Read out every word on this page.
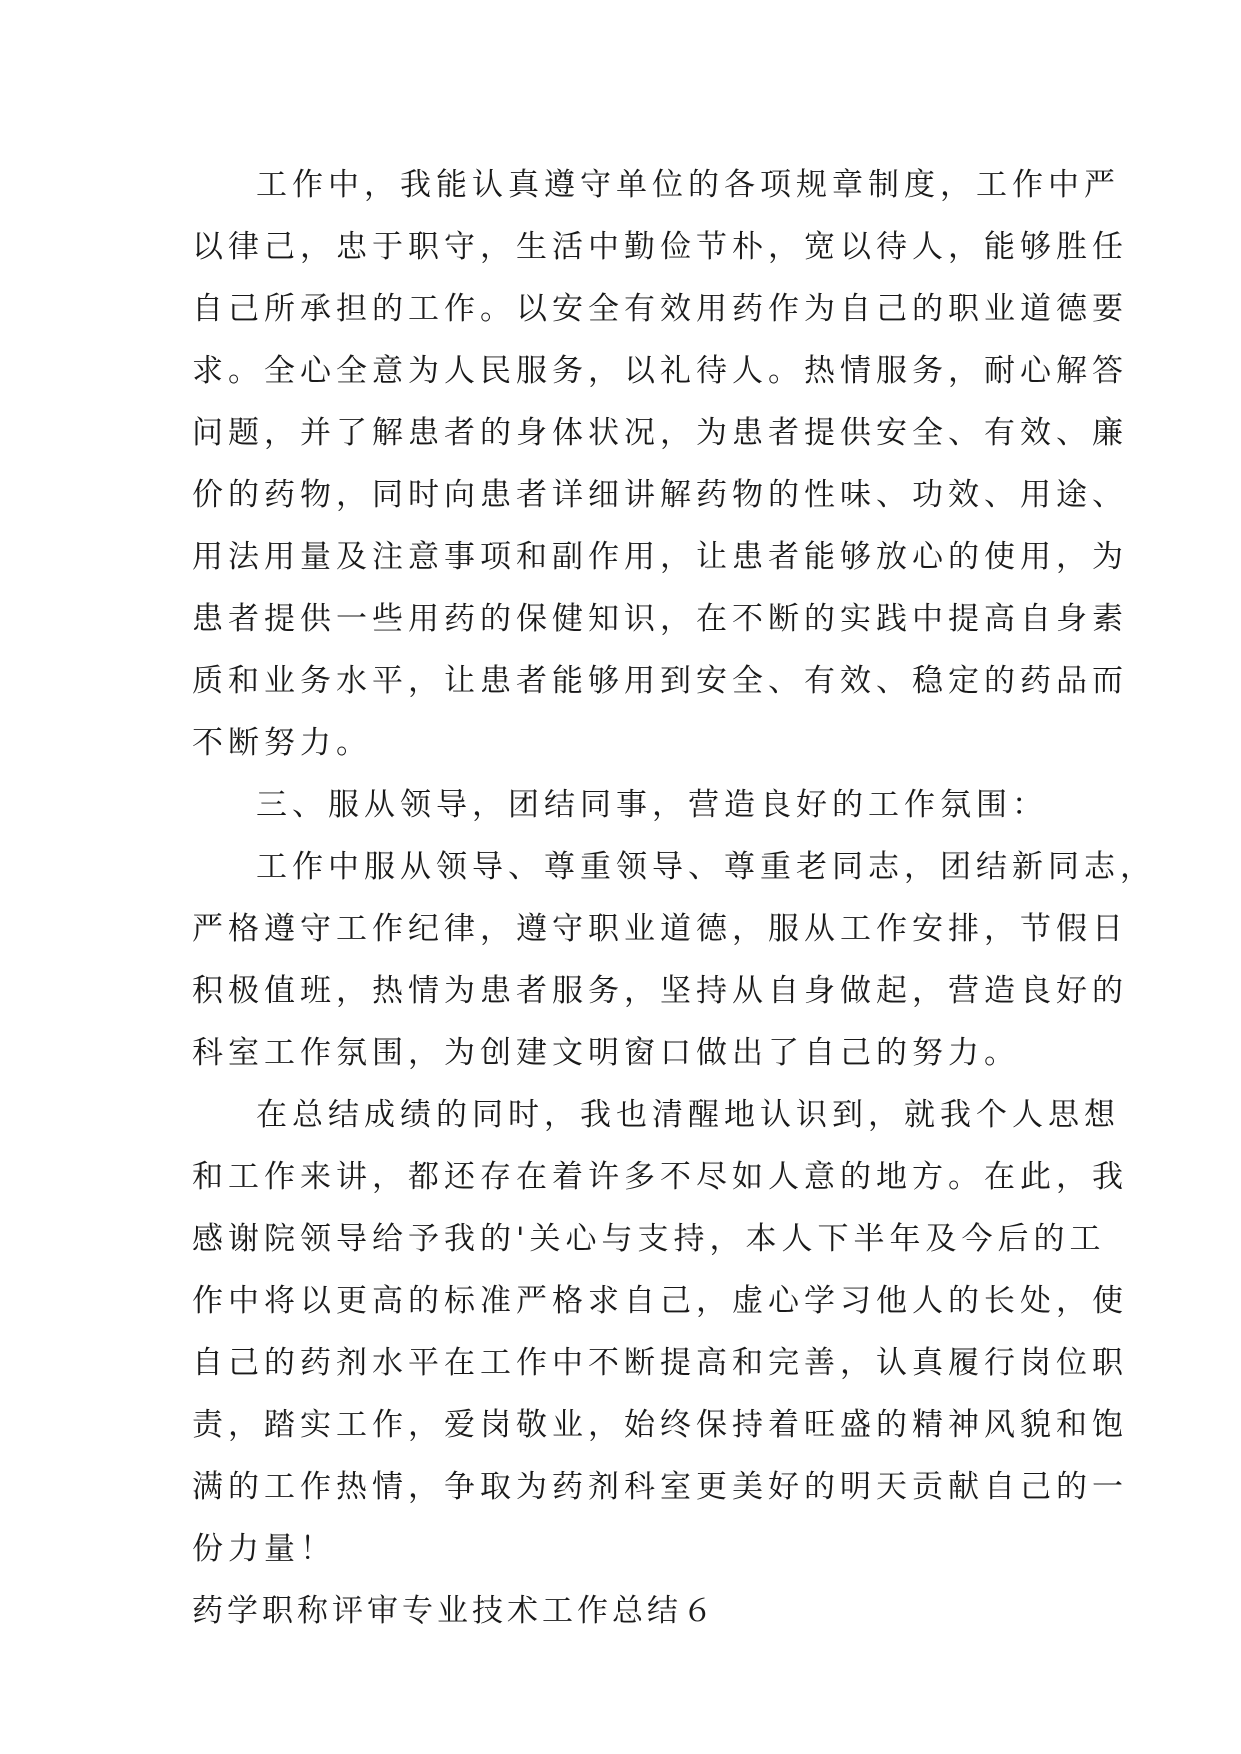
工作中，我能认真遵守单位的各项规章制度，工作中严
以律己，忠于职守，生活中勤俭节朴，宽以待人，能够胜任
自己所承担的工作。以安全有效用药作为自己的职业道德要
求。全心全意为人民服务，以礼待人。热情服务，耐心解答
问题，并了解患者的身体状况，为患者提供安全、有效、廉
价的药物，同时向患者详细讲解药物的性味、功效、用途、
用法用量及注意事项和副作用，让患者能够放心的使用，为
患者提供一些用药的保健知识，在不断的实践中提高自身素
质和业务水平，让患者能够用到安全、有效、稳定的药品而
不断努力。
三、服从领导，团结同事，营造良好的工作氛围：
工作中服从领导、尊重领导、尊重老同志，团结新同志，
严格遵守工作纪律，遵守职业道德，服从工作安排，节假日
积极值班，热情为患者服务，坚持从自身做起，营造良好的
科室工作氛围，为创建文明窗口做出了自己的努力。
在总结成绩的同时，我也清醒地认识到，就我个人思想
和工作来讲，都还存在着许多不尽如人意的地方。在此，我
感谢院领导给予我的'关心与支持，本人下半年及今后的工
作中将以更高的标准严格求自己，虚心学习他人的长处，使
自己的药剂水平在工作中不断提高和完善，认真履行岗位职
责，踏实工作，爱岗敬业，始终保持着旺盛的精神风貌和饱
满的工作热情，争取为药剂科室更美好的明天贡献自己的一
份力量！
药学职称评审专业技术工作总结６
